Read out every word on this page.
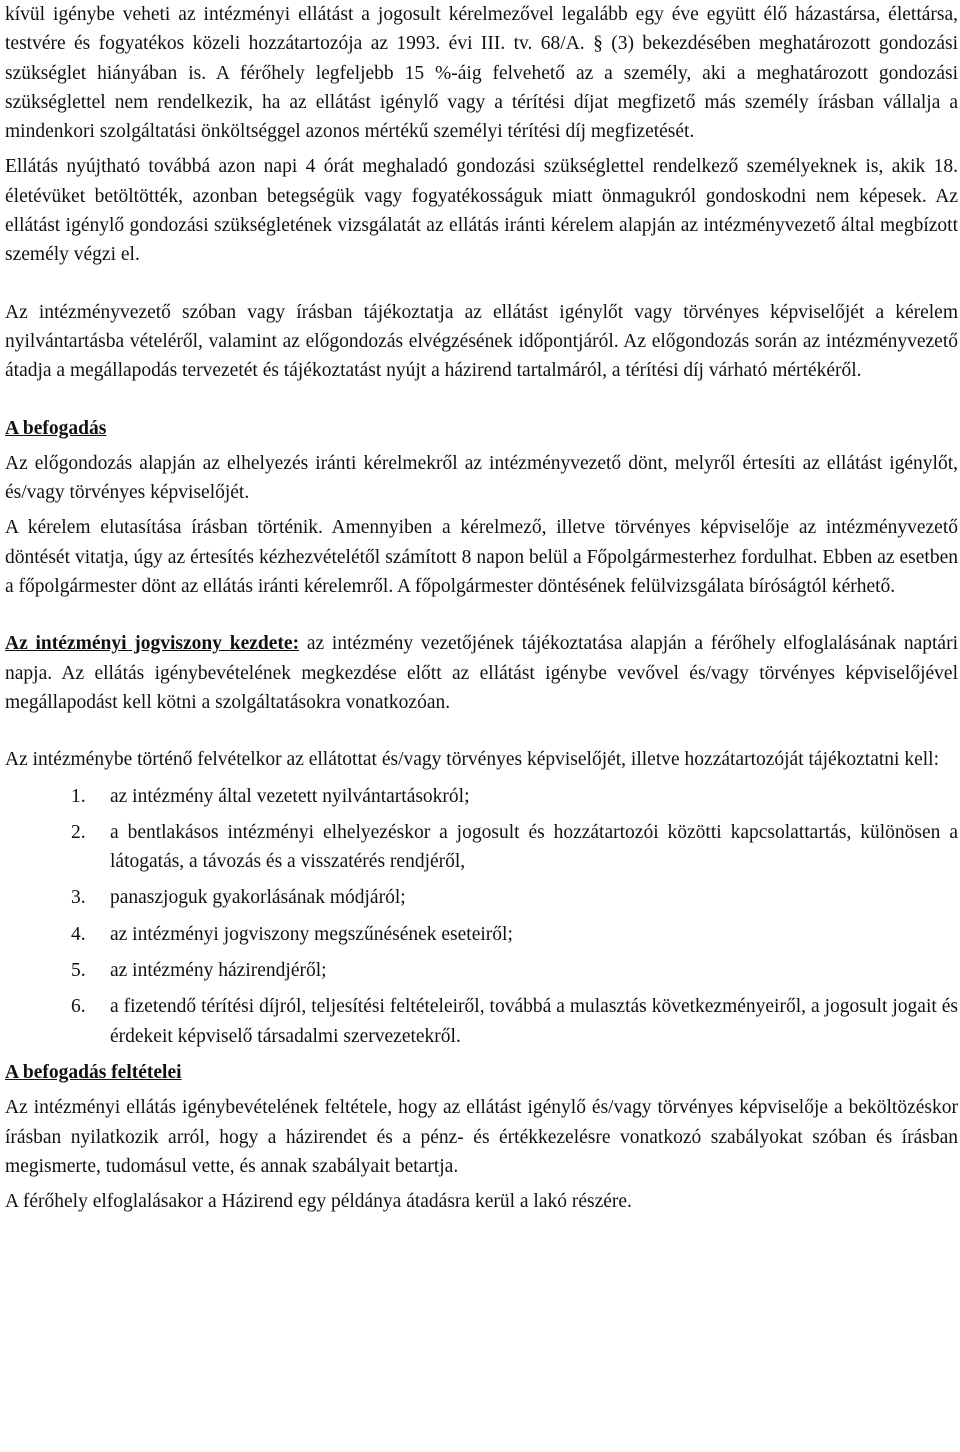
kívül igénybe veheti az intézményi ellátást a jogosult kérelmezővel legalább egy éve együtt élő házastársa, élettársa, testvére és fogyatékos közeli hozzátartozója az 1993. évi III. tv. 68/A. § (3) bekezdésében meghatározott gondozási szükséglet hiányában is. A férőhely legfeljebb 15 %-áig felvehető az a személy, aki a meghatározott gondozási szükséglettel nem rendelkezik, ha az ellátást igénylő vagy a térítési díjat megfizető más személy írásban vállalja a mindenkori szolgáltatási önköltséggel azonos mértékű személyi térítési díj megfizetését.

Ellátás nyújtható továbbá azon napi 4 órát meghaladó gondozási szükséglettel rendelkező személyeknek is, akik 18. életévüket betöltötték, azonban betegségük vagy fogyatékosságuk miatt önmagukról gondoskodni nem képesek. Az ellátást igénylő gondozási szükségletének vizsgálatát az ellátás iránti kérelem alapján az intézményvezető által megbízott személy végzi el.

Az intézményvezető szóban vagy írásban tájékoztatja az ellátást igénylőt vagy törvényes képviselőjét a kérelem nyilvántartásba vételéről, valamint az előgondozás elvégzésének időpontjáról. Az előgondozás során az intézményvezető átadja a megállapodás tervezetét és tájékoztatást nyújt a házirend tartalmáról, a térítési díj várható mértékéről.

A befogadás

Az előgondozás alapján az elhelyezés iránti kérelmekről az intézményvezető dönt, melyről értesíti az ellátást igénylőt, és/vagy törvényes képviselőjét.

A kérelem elutasítása írásban történik. Amennyiben a kérelmező, illetve törvényes képviselője az intézményvezető döntését vitatja, úgy az értesítés kézhezvételétől számított 8 napon belül a Főpolgármesterhez fordulhat. Ebben az esetben a főpolgármester dönt az ellátás iránti kérelemről. A főpolgármester döntésének felülvizsgálata bíróságtól kérhető.

Az intézményi jogviszony kezdete: az intézmény vezetőjének tájékoztatása alapján a férőhely elfoglalásának naptári napja. Az ellátás igénybevételének megkezdése előtt az ellátást igénybe vevővel és/vagy törvényes képviselőjével megállapodást kell kötni a szolgáltatásokra vonatkozóan.

Az intézménybe történő felvételkor az ellátottat és/vagy törvényes képviselőjét, illetve hozzátartozóját tájékoztatni kell:

1. az intézmény által vezetett nyilvántartásokról;
2. a bentlakásos intézményi elhelyezéskor a jogosult és hozzátartozói közötti kapcsolattartás, különösen a látogatás, a távozás és a visszatérés rendjéről,
3. panaszjoguk gyakorlásának módjáról;
4. az intézményi jogviszony megszűnésének eseteiről;
5. az intézmény házirendjéről;
6. a fizetendő térítési díjról, teljesítési feltételeiről, továbbá a mulasztás következményeiről, a jogosult jogait és érdekeit képviselő társadalmi szervezetekről.

A befogadás feltételei

Az intézményi ellátás igénybevételének feltétele, hogy az ellátást igénylő és/vagy törvényes képviselője a beköltözéskor írásban nyilatkozik arról, hogy a házirendet és a pénz- és értékkezelésre vonatkozó szabályokat szóban és írásban megismerte, tudomásul vette, és annak szabályait betartja.

A férőhely elfoglalásakor a Házirend egy példánya átadásra kerül a lakó részére.
